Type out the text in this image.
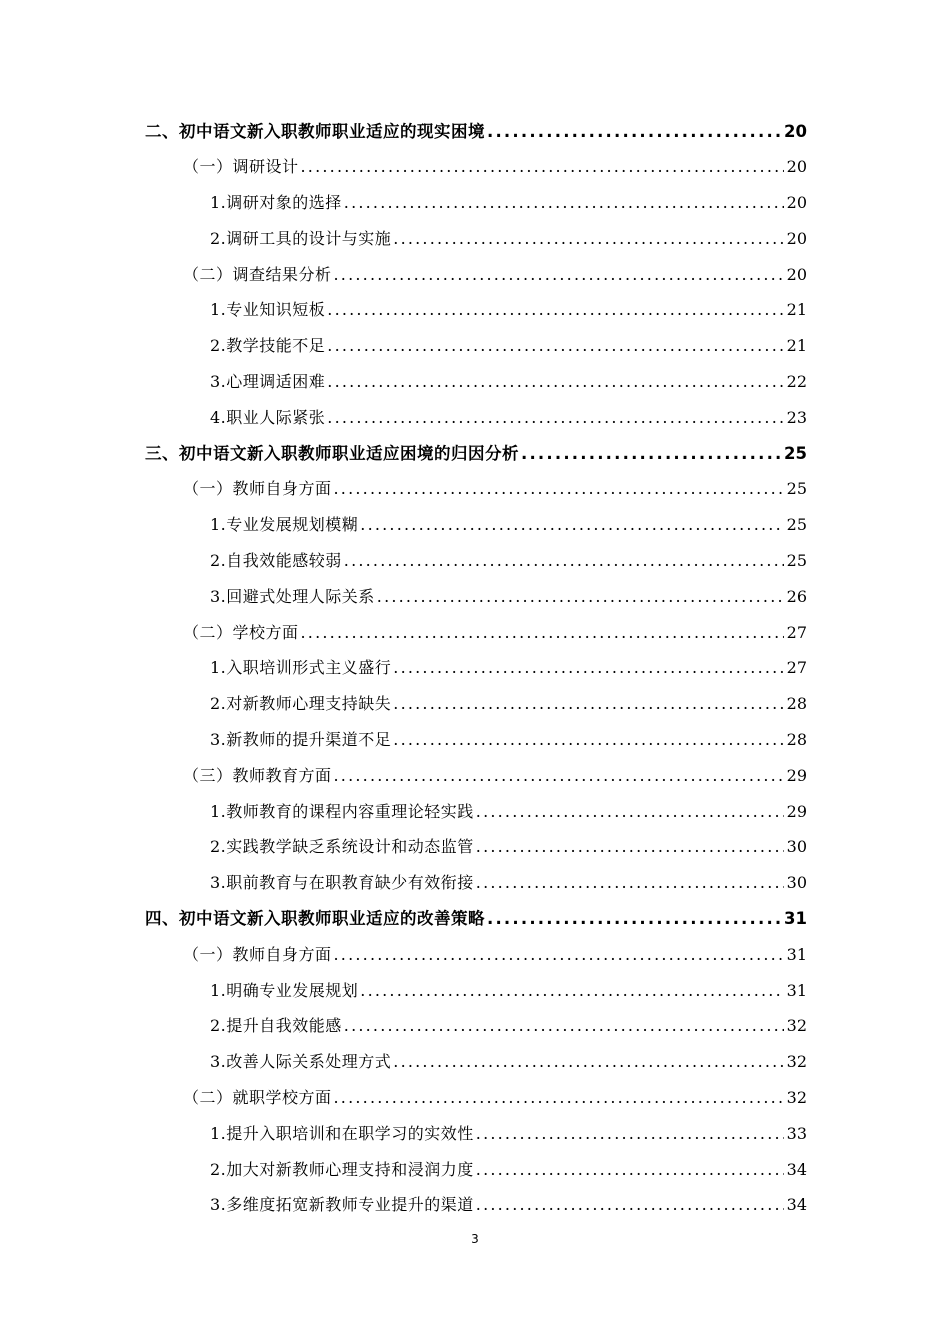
二、初中语文新入职教师职业适应的现实困境 .....	20
（一）调研设计 .....	20
1.调研对象的选择 .....	20
2.调研工具的设计与实施 .....	20
（二）调查结果分析 .....	20
1.专业知识短板 .....	21
2.教学技能不足 .....	21
3.心理调适困难 .....	22
4.职业人际紧张 .....	23
三、初中语文新入职教师职业适应困境的归因分析 .....	25
（一）教师自身方面 .....	25
1.专业发展规划模糊 .....	25
2.自我效能感较弱 .....	25
3.回避式处理人际关系 .....	26
（二）学校方面 .....	27
1.入职培训形式主义盛行 .....	27
2.对新教师心理支持缺失 .....	28
3.新教师的提升渠道不足 .....	28
（三）教师教育方面 .....	29
1.教师教育的课程内容重理论轻实践 .....	29
2.实践教学缺乏系统设计和动态监管 .....	30
3.职前教育与在职教育缺少有效衔接 .....	30
四、初中语文新入职教师职业适应的改善策略 .....	31
（一）教师自身方面 .....	31
1.明确专业发展规划 .....	31
2.提升自我效能感 .....	32
3.改善人际关系处理方式 .....	32
（二）就职学校方面 .....	32
1.提升入职培训和在职学习的实效性 .....	33
2.加大对新教师心理支持和浸润力度 .....	34
3.多维度拓宽新教师专业提升的渠道 .....	34
3
